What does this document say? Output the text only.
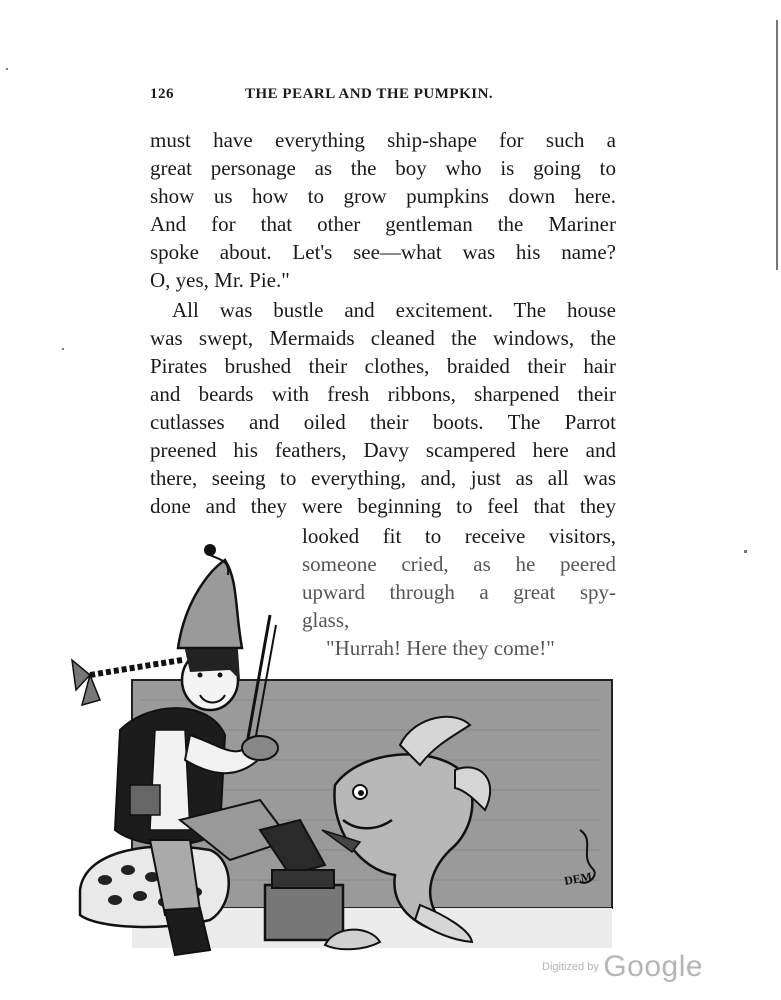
126	THE PEARL AND THE PUMPKIN.
must have everything ship-shape for such a
great personage as the boy who is going to
show us how to grow pumpkins down here.
And for that other gentleman the Mariner
spoke about. Let's see—what was his name?
O, yes, Mr. Pie."
All was bustle and excitement. The house
was swept, Mermaids cleaned the windows, the
Pirates brushed their clothes, braided their hair
and beards with fresh ribbons, sharpened their
cutlasses and oiled their boots. The Parrot
preened his feathers, Davy scampered here and
there, seeing to everything, and, just as all was
done and they were beginning to feel that they
looked fit to receive visitors,
someone cried, as he peered
upward through a great spy-
glass,
"Hurrah! Here they come!"
DEM
Digitized by Google
